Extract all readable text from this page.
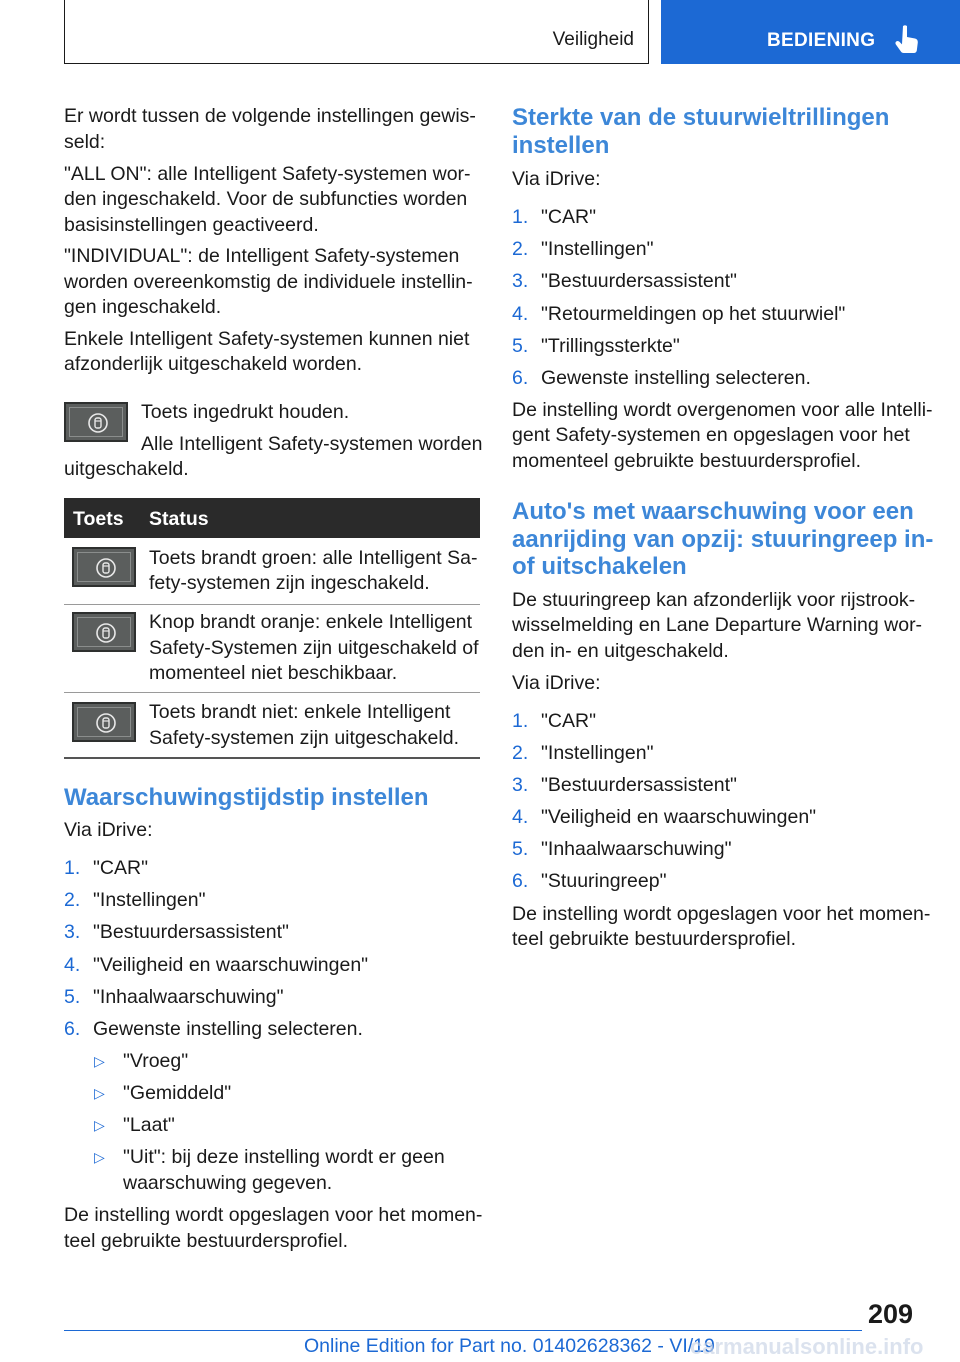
Veiligheid	BEDIENING

Er wordt tussen de volgende instellingen gewis-

seld:

"ALL ON": alle Intelligent Safety-systemen wor-

den ingeschakeld. Voor de subfuncties worden

basisinstellingen geactiveerd.

"INDIVIDUAL": de Intelligent Safety-systemen

worden overeenkomstig de individuele instellin-

gen ingeschakeld.

Enkele Intelligent Safety-systemen kunnen niet

afzonderlijk uitgeschakeld worden.

Toets ingedrukt houden.

Alle Intelligent Safety-systemen worden

uitgeschakeld.

Toets Status

Toets brandt groen: alle Intelligent Sa-

fety-systemen zijn ingeschakeld.

Knop brandt oranje: enkele Intelligent

Safety-Systemen zijn uitgeschakeld of

momenteel niet beschikbaar.

Toets brandt niet: enkele Intelligent

Safety-systemen zijn uitgeschakeld.

Waarschuwingstijdstip instellen

Via iDrive:

1. "CAR"
2. "Instellingen"
3. "Bestuurdersassistent"
4. "Veiligheid en waarschuwingen"
5. "Inhaalwaarschuwing"
6. Gewenste instelling selecteren.
▷ "Vroeg"
▷ "Gemiddeld"
▷ "Laat"
▷ "Uit": bij deze instelling wordt er geen

waarschuwing gegeven.

De instelling wordt opgeslagen voor het momen-

teel gebruikte bestuurdersprofiel.

Sterkte van de stuurwieltrillingen
instellen

Via iDrive:

1. "CAR"
2. "Instellingen"
3. "Bestuurdersassistent"
4. "Retourmeldingen op het stuurwiel"
5. "Trillingssterkte"
6. Gewenste instelling selecteren.

De instelling wordt overgenomen voor alle Intelli-

gent Safety-systemen en opgeslagen voor het

momenteel gebruikte bestuurdersprofiel.

Auto's met waarschuwing voor een
aanrijding van opzij: stuuringreep in-
of uitschakelen

De stuuringreep kan afzonderlijk voor rijstrook-

wisselmelding en Lane Departure Warning wor-

den in- en uitgeschakeld.

Via iDrive:

1. "CAR"
2. "Instellingen"
3. "Bestuurdersassistent"
4. "Veiligheid en waarschuwingen"
5. "Inhaalwaarschuwing"
6. "Stuuringreep"

De instelling wordt opgeslagen voor het momen-

teel gebruikte bestuurdersprofiel.

209
Online Edition for Part no. 01402628362 - VI/19
carmanualsonline.info
